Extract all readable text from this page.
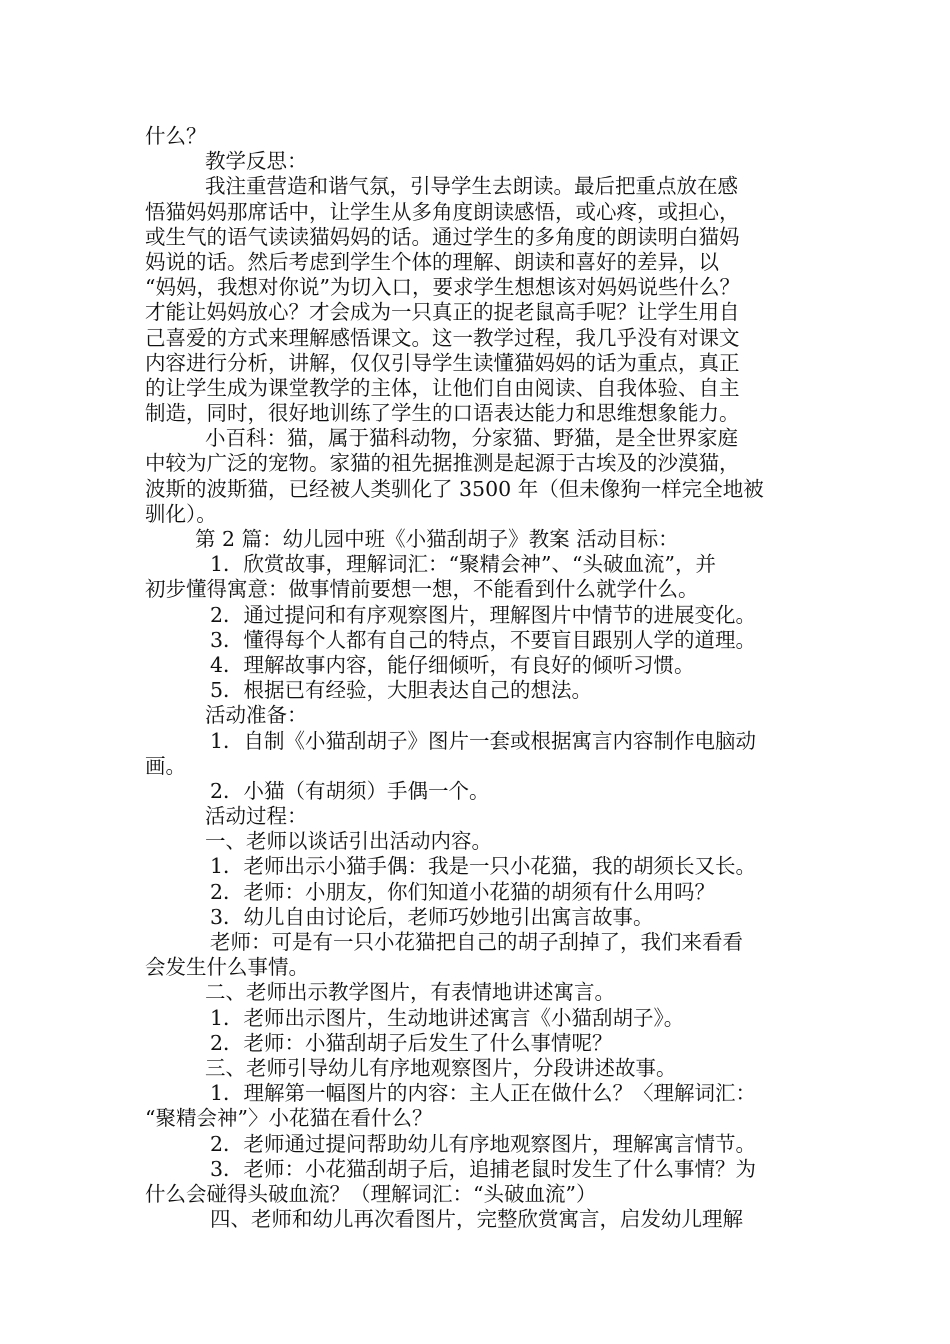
什么？
教学反思：
我注重营造和谐气氛，引导学生去朗读。最后把重点放在感
悟猫妈妈那席话中，让学生从多角度朗读感悟，或心疼，或担心，
或生气的语气读读猫妈妈的话。通过学生的多角度的朗读明白猫妈
妈说的话。然后考虑到学生个体的理解、朗读和喜好的差异，以
“妈妈，我想对你说”为切入口，要求学生想想该对妈妈说些什么？
才能让妈妈放心？才会成为一只真正的捉老鼠高手呢？让学生用自
己喜爱的方式来理解感悟课文。这一教学过程，我几乎没有对课文
内容进行分析，讲解，仅仅引导学生读懂猫妈妈的话为重点，真正
的让学生成为课堂教学的主体，让他们自由阅读、自我体验、自主
制造，同时，很好地训练了学生的口语表达能力和思维想象能力。
小百科：猫，属于猫科动物，分家猫、野猫，是全世界家庭
中较为广泛的宠物。家猫的祖先据推测是起源于古埃及的沙漠猫，
波斯的波斯猫，已经被人类驯化了 3500 年（但未像狗一样完全地被
驯化）。
第 2 篇：幼儿园中班《小猫刮胡子》教案 活动目标：
1．欣赏故事，理解词汇：“聚精会神”、“头破血流”，并
初步懂得寓意：做事情前要想一想，不能看到什么就学什么。
2．通过提问和有序观察图片，理解图片中情节的进展变化。
3．懂得每个人都有自己的特点，不要盲目跟别人学的道理。
4．理解故事内容，能仔细倾听，有良好的倾听习惯。
5．根据已有经验，大胆表达自己的想法。
活动准备：
1．自制《小猫刮胡子》图片一套或根据寓言内容制作电脑动
画。
2．小猫（有胡须）手偶一个。
活动过程：
一、老师以谈话引出活动内容。
1．老师出示小猫手偶：我是一只小花猫，我的胡须长又长。
2．老师：小朋友，你们知道小花猫的胡须有什么用吗？
3．幼儿自由讨论后，老师巧妙地引出寓言故事。
老师：可是有一只小花猫把自己的胡子刮掉了，我们来看看
会发生什么事情。
二、老师出示教学图片，有表情地讲述寓言。
1．老师出示图片，生动地讲述寓言《小猫刮胡子》。
2．老师：小猫刮胡子后发生了什么事情呢？
三、老师引导幼儿有序地观察图片，分段讲述故事。
1．理解第一幅图片的内容：主人正在做什么？〈理解词汇：
“聚精会神”〉小花猫在看什么？
2．老师通过提问帮助幼儿有序地观察图片，理解寓言情节。
3．老师：小花猫刮胡子后，追捕老鼠时发生了什么事情？为
什么会碰得头破血流？（理解词汇：“头破血流”）
四、老师和幼儿再次看图片，完整欣赏寓言，启发幼儿理解
